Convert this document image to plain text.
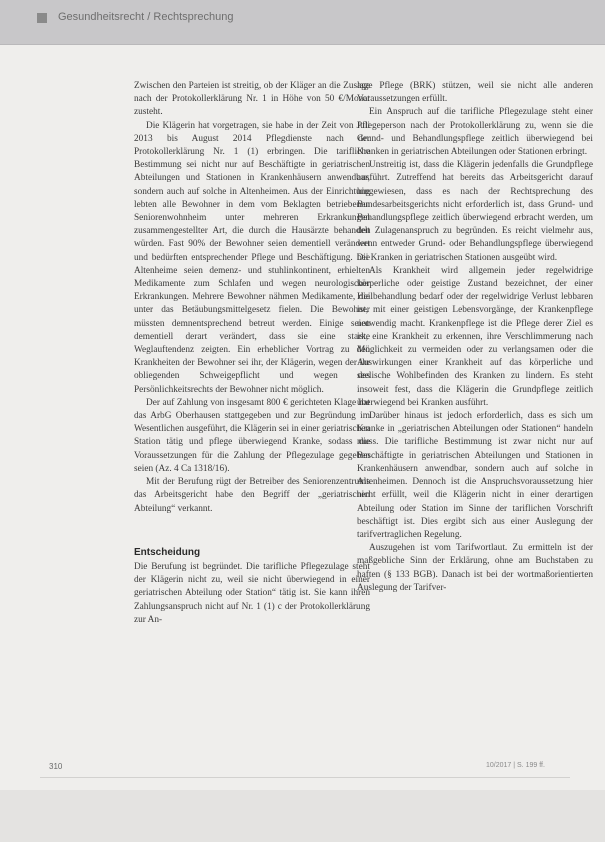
Gesundheitsrecht / Rechtsprechung

Zwischen den Parteien ist streitig, ob der Kläger an die Zusage nach der Protokollerklärung Nr. 1 in Höhe von 50 €/Monat zusteht.

Die Klägerin hat vorgetragen, sie habe in der Zeit von Juli 2013 bis August 2014 Pflegdienste nach der Protokollerklärung Nr. 1 (1) erbringen. Die tarifliche Bestimmung sei nicht nur auf Beschäftigte in geriatrischen Abteilungen und Stationen in Krankenhäusern anwendbar, sondern auch auf solche in Altenheimen. Aus der Einrichtung lebten alle Bewohner in dem vom Beklagten betriebenen Seniorenwohnheim unter mehreren Erkrankungen zusammengestellter Art, die durch die Hausärzte behandelt würden. Fast 90% der Bewohner seien dementiell verändert und bedürften entsprechender Pflege und Beschäftigung. Die Altenheime seien demenz- und stuhlinkontinent, erhielten Medikamente zum Schlafen und wegen neurologischer Erkrankungen. Mehrere Bewohner nähmen Medikamente, die unter das Betäubungsmittelgesetz fielen. Die Bewohner müssten demnentsprechend betreut werden. Einige seien dementiell derart verändert, dass sie eine starke Weglauftendenz zeigten. Ein erheblicher Vortrag zu den Krankheiten der Bewohner sei ihr, der Klägerin, wegen der ihr obliegenden Schweigepflicht und wegen des Persönlichkeitsrechts der Bewohner nicht möglich.

Der auf Zahlung von insgesamt 800 € gerichteten Klage hat das ArbG Oberhausen stattgegeben und zur Begründung im Wesentlichen ausgeführt, die Klägerin sei in einer geriatrischen Station tätig und pflege überwiegend Kranke, sodass die Voraussetzungen für die Zahlung der Pflegezulage gegeben seien (Az. 4 Ca 1318/16).

Mit der Berufung rügt der Betreiber des Seniorenzentrums das Arbeitsgericht habe den Begriff der „geriatrischen Abteilung“ verkannt.

Entscheidung

Die Berufung ist begründet. Die tarifliche Pflegezulage steht der Klägerin nicht zu, weil sie nicht überwiegend in einer geriatrischen Abteilung oder Station“ tätig ist. Sie kann ihren Zahlungsanspruch nicht auf Nr. 1 (1) c der Protokollerklärung zur An-

lage Pflege (BRK) stützen, weil sie nicht alle anderen Voraussetzungen erfüllt.

Ein Anspruch auf die tarifliche Pflegezulage steht einer Pflegeperson nach der Protokollerklärung zu, wenn sie die Grund- und Behandlungspflege zeitlich überwiegend bei Kranken in geriatrischen Abteilungen oder Stationen erbringt.

Unstreitig ist, dass die Klägerin jedenfalls die Grundpflege ausführt. Zutreffend hat bereits das Arbeitsgericht darauf hingewiesen, dass es nach der Rechtsprechung des Bundesarbeitsgerichts nicht erforderlich ist, dass Grund- und Behandlungspflege zeitlich überwiegend erbracht werden, um den Zulagenanspruch zu begründen. Es reicht vielmehr aus, wenn entweder Grund- oder Behandlungspflege überwiegend bei Kranken in geriatrischen Stationen ausgeübt wird.

Als Krankheit wird allgemein jeder regelwidrige körperliche oder geistige Zustand bezeichnet, der einer Heilbehandlung bedarf oder der regelwidrige Verlust lebbaren ist, mit einer geistigen Lebensvorgänge, der Krankenpflege notwendig macht. Krankenpflege ist die Pflege derer Ziel es ist, eine Krankheit zu erkennen, ihre Verschlimmerung nach Möglichkeit zu vermeiden oder zu verlangsamen oder die Auswirkungen einer Krankheit auf das körperliche und seelische Wohlbefinden des Kranken zu lindern. Es steht insoweit fest, dass die Klägerin die Grundpflege zeitlich überwiegend bei Kranken ausführt.

Darüber hinaus ist jedoch erforderlich, dass es sich um Kranke in „geriatrischen Abteilungen oder Stationen“ handeln muss. Die tarifliche Bestimmung ist zwar nicht nur auf Beschäftigte in geriatrischen Abteilungen und Stationen in Krankenhäusern anwendbar, sondern auch auf solche in Altenheimen. Dennoch ist die Anspruchsvoraussetzung hier nicht erfüllt, weil die Klägerin nicht in einer derartigen Abteilung oder Station im Sinne der tariflichen Vorschrift beschäftigt ist. Dies ergibt sich aus einer Auslegung der tarifvertraglichen Regelung.

Auszugehen ist vom Tarifwortlaut. Zu ermitteln ist der maßgebliche Sinn der Erklärung, ohne am Buchstaben zu haften (§ 133 BGB). Danach ist bei der wortmaßorientierten Auslegung der Tarifver-

310	10/2017 | S. 199 ff.
